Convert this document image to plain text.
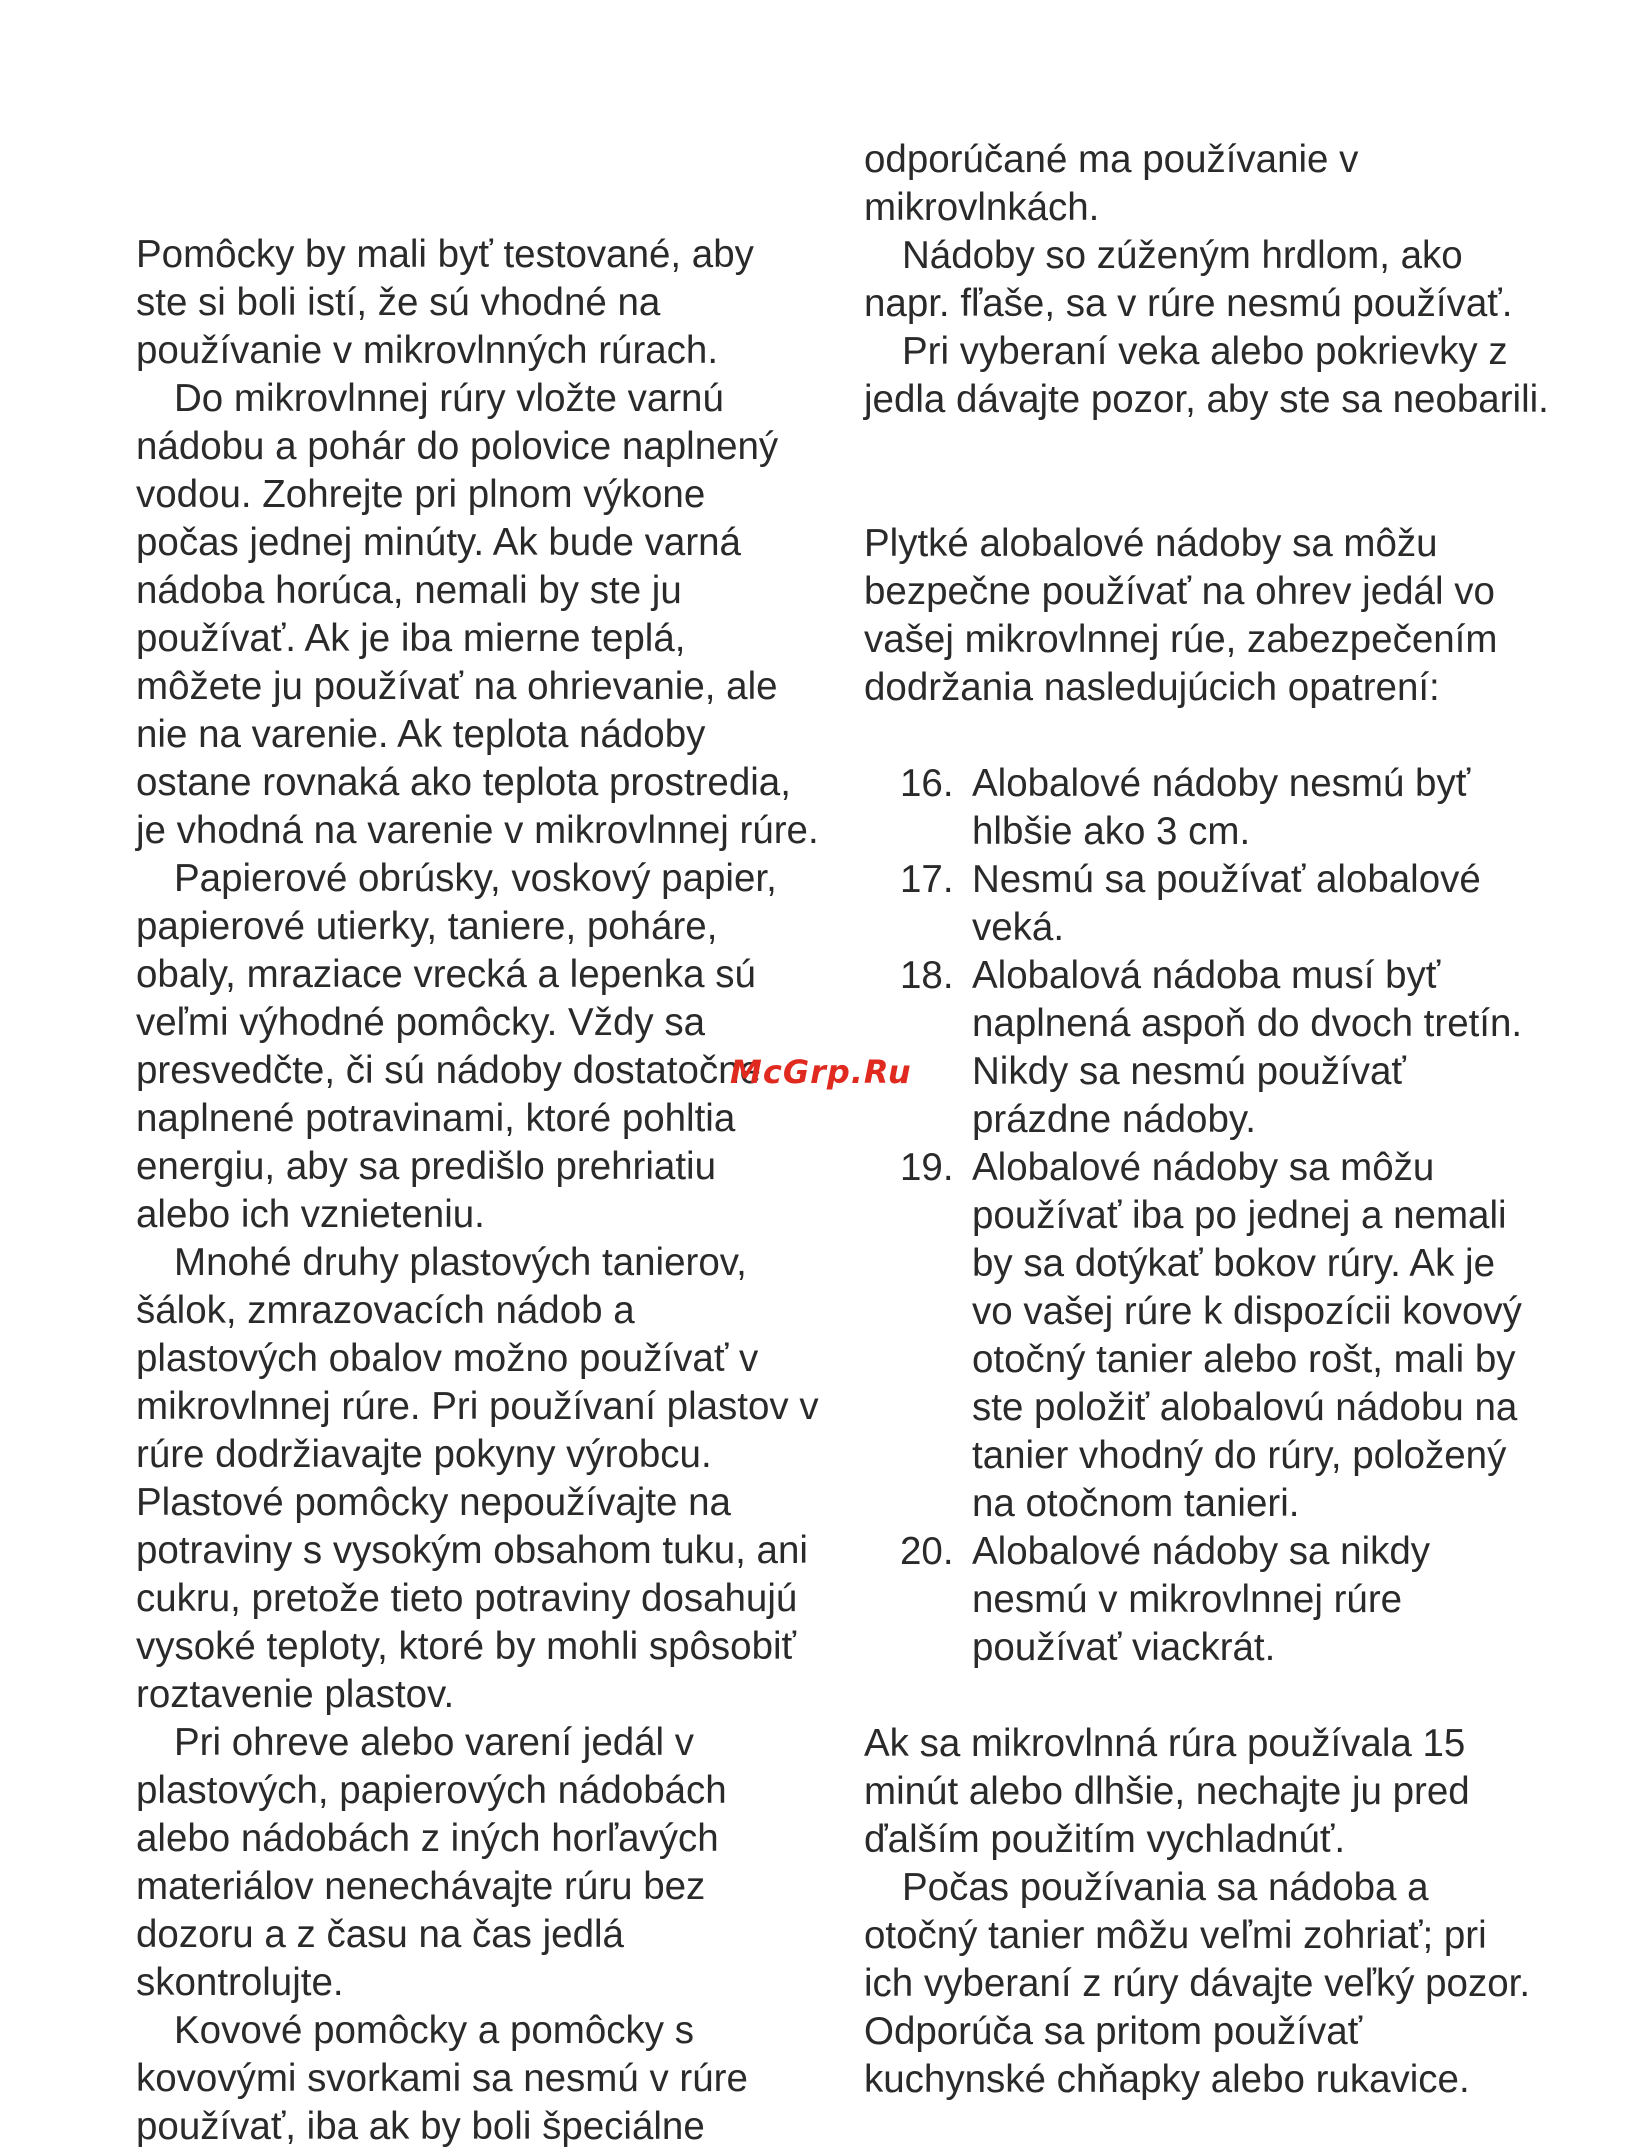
Pomôcky by mali byť testované, aby
ste si boli istí, že sú vhodné na
používanie v mikrovlnných rúrach.
Do mikrovlnnej rúry vložte varnú
nádobu a pohár do polovice naplnený
vodou. Zohrejte pri plnom výkone
počas jednej minúty. Ak bude varná
nádoba horúca, nemali by ste ju
používať. Ak je iba mierne teplá,
môžete ju používať na ohrievanie, ale
nie na varenie. Ak teplota nádoby
ostane rovnaká ako teplota prostredia,
je vhodná na varenie v mikrovlnnej rúre.
Papierové obrúsky, voskový papier,
papierové utierky, taniere, poháre,
obaly, mraziace vrecká a lepenka sú
veľmi výhodné pomôcky. Vždy sa
presvedčte, či sú nádoby dostatočne
naplnené potravinami, ktoré pohltia
energiu, aby sa predišlo prehriatiu
alebo ich vznieteniu.
Mnohé druhy plastových tanierov,
šálok, zmrazovacích nádob a
plastových obalov možno používať v
mikrovlnnej rúre. Pri používaní plastov v
rúre dodržiavajte pokyny výrobcu.
Plastové pomôcky nepoužívajte na
potraviny s vysokým obsahom tuku, ani
cukru, pretože tieto potraviny dosahujú
vysoké teploty, ktoré by mohli spôsobiť
roztavenie plastov.
Pri ohreve alebo varení jedál v
plastových, papierových nádobách
alebo nádobách z iných horľavých
materiálov nenechávajte rúru bez
dozoru a z času na čas jedlá
skontrolujte.
Kovové pomôcky a pomôcky s
kovovými svorkami sa nesmú v rúre
používať, iba ak by boli špeciálne
odporúčané ma používanie v
mikrovlnkách.
Nádoby so zúženým hrdlom, ako
napr. fľaše, sa v rúre nesmú používať.
Pri vyberaní veka alebo pokrievky z
jedla dávajte pozor, aby ste sa neobarili.
Plytké alobalové nádoby sa môžu
bezpečne používať na ohrev jedál vo
vašej mikrovlnnej rúe, zabezpečením
dodržania nasledujúcich opatrení:
16. Alobalové nádoby nesmú byť
hlbšie ako 3 cm.
17. Nesmú sa používať alobalové
veká.
18. Alobalová nádoba musí byť
naplnená aspoň do dvoch tretín.
Nikdy sa nesmú používať
prázdne nádoby.
19. Alobalové nádoby sa môžu
používať iba po jednej a nemali
by sa dotýkať bokov rúry. Ak je
vo vašej rúre k dispozícii kovový
otočný tanier alebo rošt, mali by
ste položiť alobalovú nádobu na
tanier vhodný do rúry, položený
na otočnom tanieri.
20. Alobalové nádoby sa nikdy
nesmú v mikrovlnnej rúre
používať viackrát.
Ak sa mikrovlnná rúra používala 15
minút alebo dlhšie, nechajte ju pred
ďalším použitím vychladnúť.
Počas používania sa nádoba a
otočný tanier môžu veľmi zohriať; pri
ich vyberaní z rúry dávajte veľký pozor.
Odporúča sa pritom používať
kuchynské chňapky alebo rukavice.
McGrp.Ru
